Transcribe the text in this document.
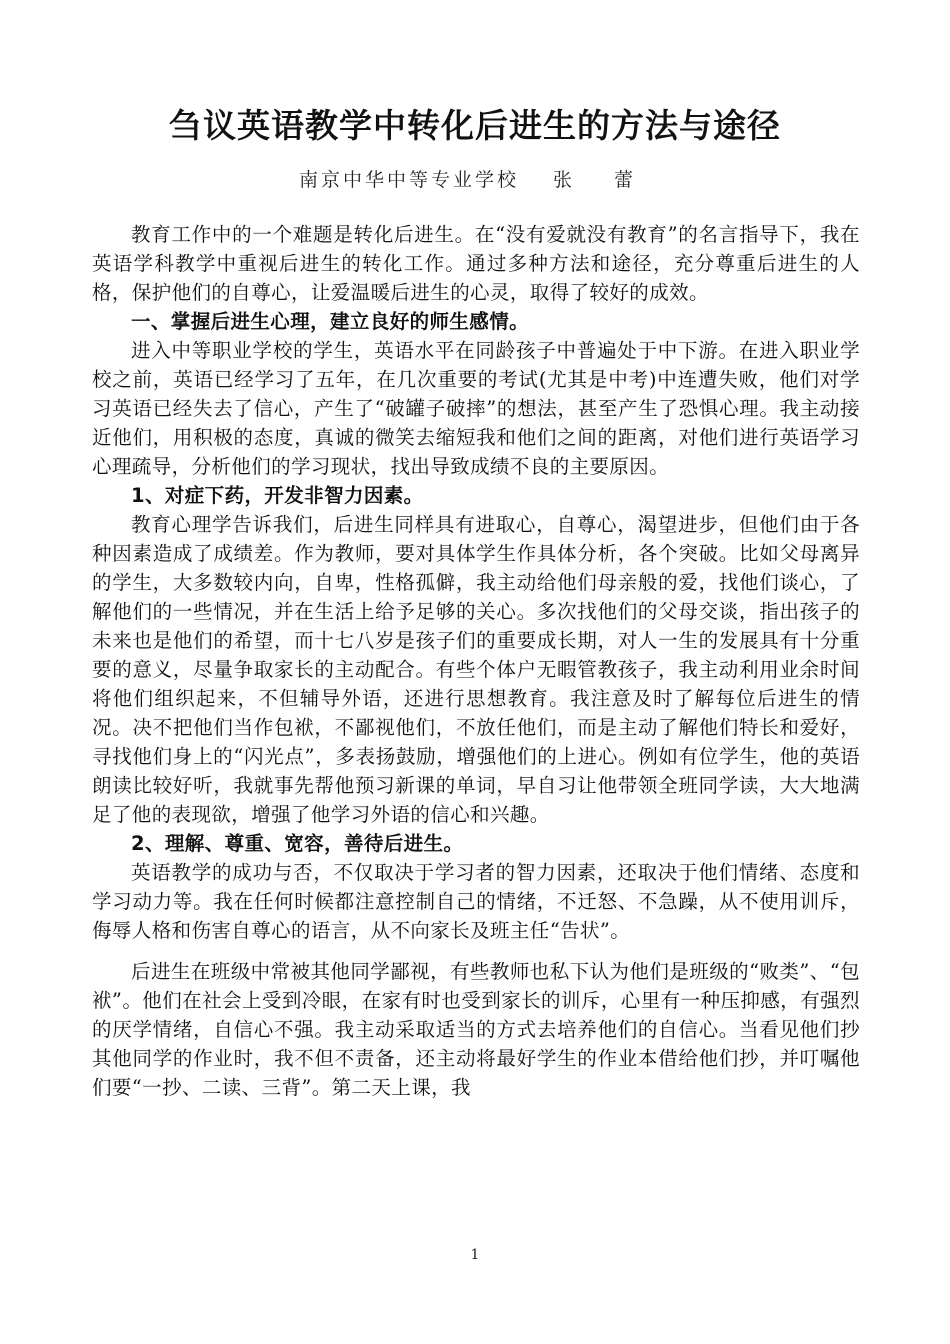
刍议英语教学中转化后进生的方法与途径
南京中华中等专业学校 张 蕾

教育工作中的一个难题是转化后进生。在“没有爱就没有教育”的名言指导下，我在英语学科教学中重视后进生的转化工作。通过多种方法和途径，充分尊重后进生的人格，保护他们的自尊心，让爱温暖后进生的心灵，取得了较好的成效。

一、掌握后进生心理，建立良好的师生感情。

进入中等职业学校的学生，英语水平在同龄孩子中普遍处于中下游。在进入职业学校之前，英语已经学习了五年，在几次重要的考试(尤其是中考)中连遭失败，他们对学习英语已经失去了信心，产生了“破罐子破摔”的想法，甚至产生了恐惧心理。我主动接近他们，用积极的态度，真诚的微笑去缩短我和他们之间的距离，对他们进行英语学习心理疏导，分析他们的学习现状，找出导致成绩不良的主要原因。

1、对症下药，开发非智力因素。

教育心理学告诉我们，后进生同样具有进取心，自尊心，渴望进步，但他们由于各种因素造成了成绩差。作为教师，要对具体学生作具体分析，各个突破。比如父母离异的学生，大多数较内向，自卑，性格孤僻，我主动给他们母亲般的爱，找他们谈心，了解他们的一些情况，并在生活上给予足够的关心。多次找他们的父母交谈，指出孩子的未来也是他们的希望，而十七八岁是孩子们的重要成长期，对人一生的发展具有十分重要的意义，尽量争取家长的主动配合。有些个体户无暇管教孩子，我主动利用业余时间将他们组织起来，不但辅导外语，还进行思想教育。我注意及时了解每位后进生的情况。决不把他们当作包袱，不鄙视他们，不放任他们，而是主动了解他们特长和爱好，寻找他们身上的“闪光点”，多表扬鼓励，增强他们的上进心。例如有位学生，他的英语朗读比较好听，我就事先帮他预习新课的单词，早自习让他带领全班同学读，大大地满足了他的表现欲，增强了他学习外语的信心和兴趣。

2、理解、尊重、宽容，善待后进生。

英语教学的成功与否，不仅取决于学习者的智力因素，还取决于他们情绪、态度和学习动力等。我在任何时候都注意控制自己的情绪，不迁怒、不急躁，从不使用训斥，侮辱人格和伤害自尊心的语言，从不向家长及班主任“告状”。

后进生在班级中常被其他同学鄙视，有些教师也私下认为他们是班级的“败类”、“包袱”。他们在社会上受到冷眼，在家有时也受到家长的训斥，心里有一种压抑感，有强烈的厌学情绪，自信心不强。我主动采取适当的方式去培养他们的自信心。当看见他们抄其他同学的作业时，我不但不责备，还主动将最好学生的作业本借给他们抄，并叮嘱他们要“一抄、二读、三背”。第二天上课，我

1
